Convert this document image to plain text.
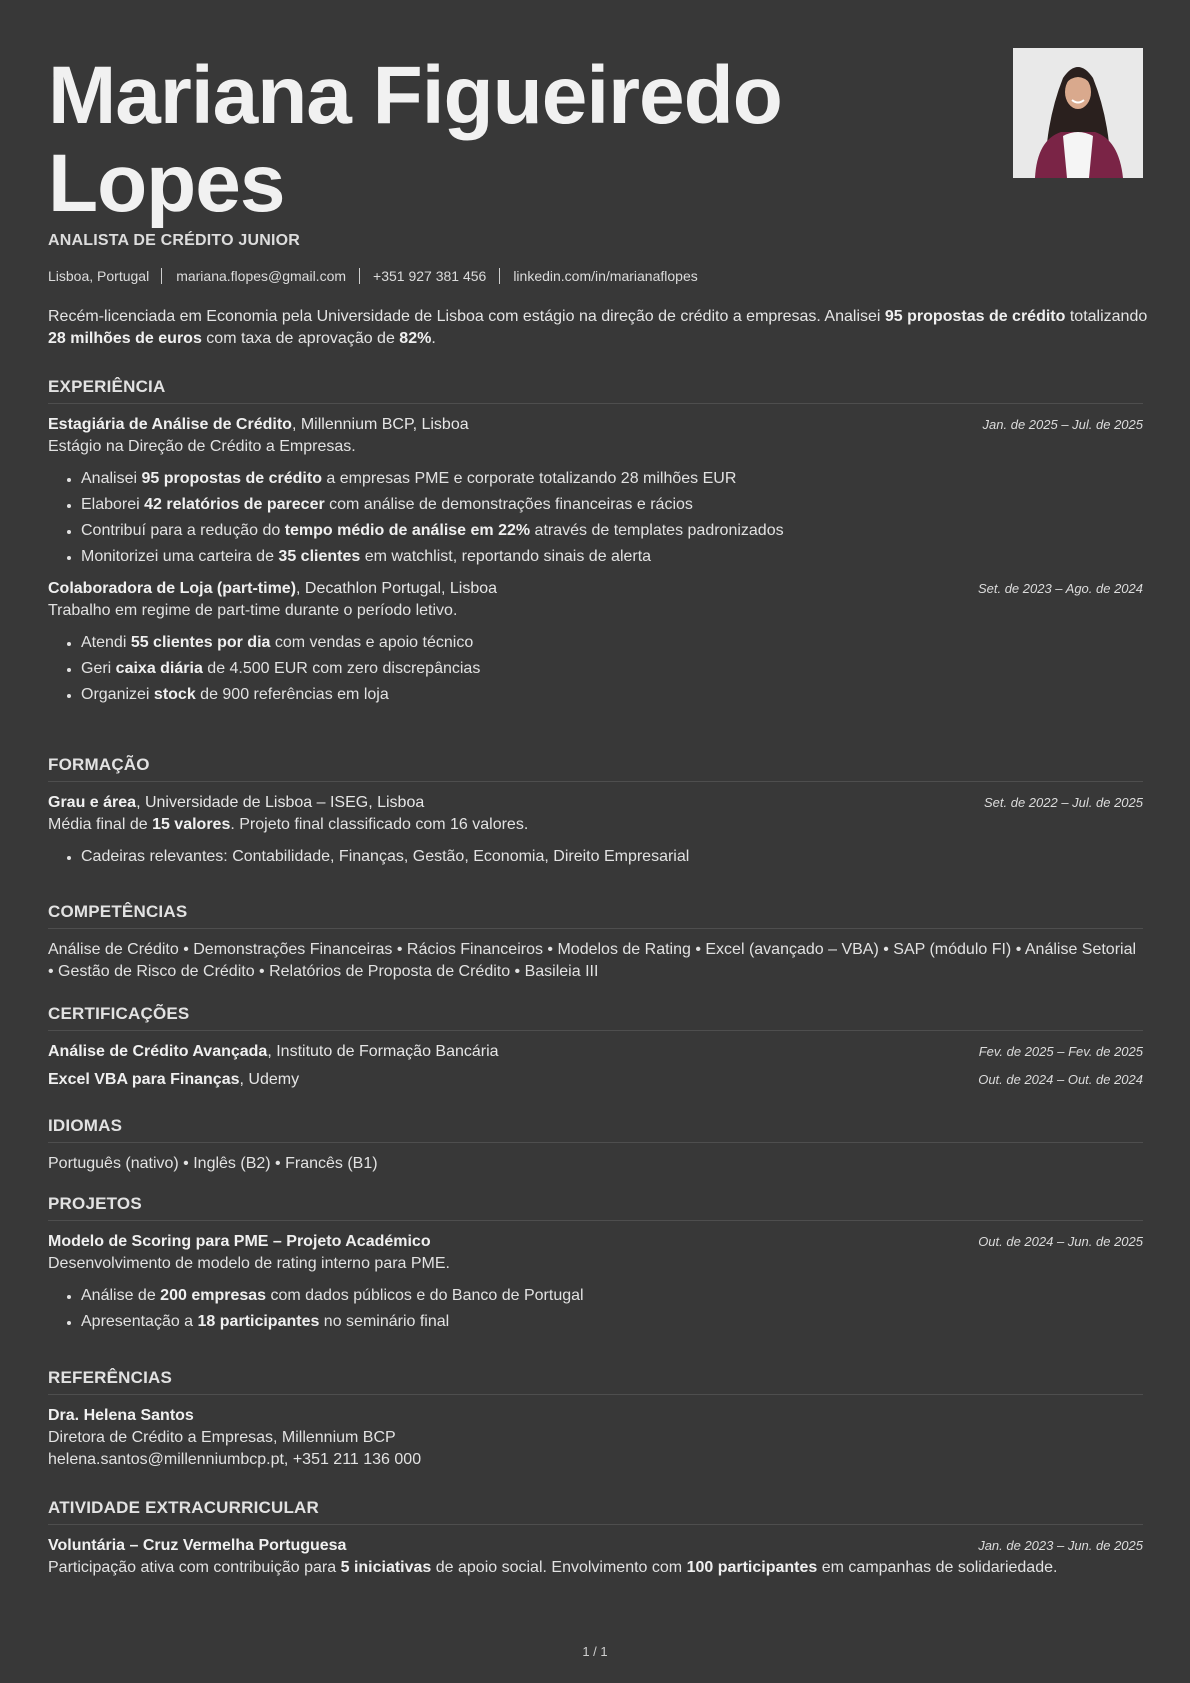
Mariana Figueiredo Lopes
ANALISTA DE CRÉDITO JUNIOR
Lisboa, Portugal mariana.flopes@gmail.com +351 927 381 456 linkedin.com/in/marianaflopes

Recém-licenciada em Economia pela Universidade de Lisboa com estágio na direção de crédito a empresas. Analisei 95 propostas de crédito totalizando 28 milhões de euros com taxa de aprovação de 82%.

EXPERIÊNCIA
Estagiária de Análise de Crédito, Millennium BCP, Lisboa	Jan. de 2025 – Jul. de 2025
Estágio na Direção de Crédito a Empresas.
• Analisei 95 propostas de crédito a empresas PME e corporate totalizando 28 milhões EUR
• Elaborei 42 relatórios de parecer com análise de demonstrações financeiras e rácios
• Contribuí para a redução do tempo médio de análise em 22% através de templates padronizados
• Monitorizei uma carteira de 35 clientes em watchlist, reportando sinais de alerta
Colaboradora de Loja (part-time), Decathlon Portugal, Lisboa	Set. de 2023 – Ago. de 2024
Trabalho em regime de part-time durante o período letivo.
• Atendi 55 clientes por dia com vendas e apoio técnico
• Geri caixa diária de 4.500 EUR com zero discrepâncias
• Organizei stock de 900 referências em loja
FORMAÇÃO
Grau e área, Universidade de Lisboa – ISEG, Lisboa	Set. de 2022 – Jul. de 2025
Média final de 15 valores. Projeto final classificado com 16 valores.
• Cadeiras relevantes: Contabilidade, Finanças, Gestão, Economia, Direito Empresarial
COMPETÊNCIAS
Análise de Crédito • Demonstrações Financeiras • Rácios Financeiros • Modelos de Rating • Excel (avançado – VBA) • SAP (módulo FI) • Análise Setorial • Gestão de Risco de Crédito • Relatórios de Proposta de Crédito • Basileia III
CERTIFICAÇÕES
Análise de Crédito Avançada, Instituto de Formação Bancária	Fev. de 2025 – Fev. de 2025
Excel VBA para Finanças, Udemy	Out. de 2024 – Out. de 2024
IDIOMAS
Português (nativo) • Inglês (B2) • Francês (B1)
PROJETOS
Modelo de Scoring para PME – Projeto Académico	Out. de 2024 – Jun. de 2025
Desenvolvimento de modelo de rating interno para PME.
• Análise de 200 empresas com dados públicos e do Banco de Portugal
• Apresentação a 18 participantes no seminário final
REFERÊNCIAS
Dra. Helena Santos
Diretora de Crédito a Empresas, Millennium BCP
helena.santos@millenniumbcp.pt, +351 211 136 000
ATIVIDADE EXTRACURRICULAR
Voluntária – Cruz Vermelha Portuguesa	Jan. de 2023 – Jun. de 2025
Participação ativa com contribuição para 5 iniciativas de apoio social. Envolvimento com 100 participantes em campanhas de solidariedade.
1 / 1
